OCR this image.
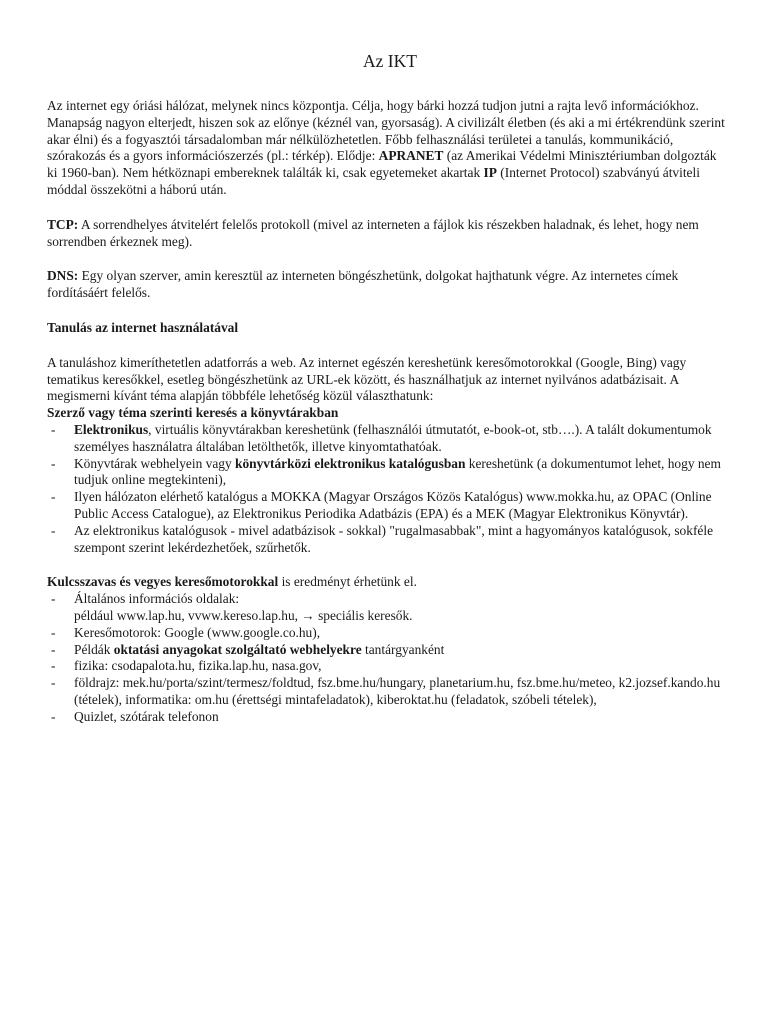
Az IKT

Az internet egy óriási hálózat, melynek nincs központja. Célja, hogy bárki hozzá tudjon jutni a rajta levő információkhoz. Manapság nagyon elterjedt, hiszen sok az előnye (kéznél van, gyorsaság). A civilizált életben (és aki a mi értékrendünk szerint akar élni) és a fogyasztói társadalomban már nélkülözhetetlen. Főbb felhasználási területei a tanulás, kommunikáció, szórakozás és a gyors információszerzés (pl.: térkép). Elődje: APRANET (az Amerikai Védelmi Minisztériumban dolgozták ki 1960-ban). Nem hétköznapi embereknek találták ki, csak egyetemeket akartak IP (Internet Protocol) szabványú átviteli móddal összekötni a háború után.

TCP: A sorrendhelyes átvitelért felelős protokoll (mivel az interneten a fájlok kis részekben haladnak, és lehet, hogy nem sorrendben érkeznek meg).

DNS: Egy olyan szerver, amin keresztül az interneten böngészhetünk, dolgokat hajthatunk végre. Az internetes címek fordításáért felelős.

Tanulás az internet használatával

A tanuláshoz kimeríthetetlen adatforrás a web. Az internet egészén kereshetünk keresőmotorokkal (Google, Bing) vagy tematikus keresőkkel, esetleg böngészhetünk az URL-ek között, és használhatjuk az internet nyilvános adatbázisait. A megismerni kívánt téma alapján többféle lehetőség közül választhatunk:

Szerző vagy téma szerinti keresés a könyvtárakban

- Elektronikus, virtuális könyvtárakban kereshetünk (felhasználói útmutatót, e-book-ot, stb….). A talált dokumentumok személyes használatra általában letölthetők, illetve kinyomtathatóak.
- Könyvtárak webhelyein vagy könyvtárközi elektronikus katalógusban kereshetünk (a dokumentumot lehet, hogy nem tudjuk online megtekinteni),
- Ilyen hálózaton elérhető katalógus a MOKKA (Magyar Országos Közös Katalógus) www.mokka.hu, az OPAC (Online Public Access Catalogue), az Elektronikus Periodika Adatbázis (EPA) és a MEK (Magyar Elektronikus Könyvtár).
- Az elektronikus katalógusok - mivel adatbázisok - sokkal) "rugalmasabbak", mint a hagyományos katalógusok, sokféle szempont szerint lekérdezhetőek, szűrhetők.

Kulcsszavas és vegyes keresőmotorokkal is eredményt érhetünk el.

- Általános információs oldalak:
például www.lap.hu, vvww.kereso.lap.hu, → speciális keresők.
- Keresőmotorok: Google (www.google.co.hu),
- Példák oktatási anyagokat szolgáltató webhelyekre tantárgyanként
- fizika: csodapalota.hu, fizika.lap.hu, nasa.gov,
- földrajz: mek.hu/porta/szint/termesz/foldtud, fsz.bme.hu/hungary, planetarium.hu, fsz.bme.hu/meteo, k2.jozsef.kando.hu (tételek), informatika: om.hu (érettségi mintafeladatok), kiberoktat.hu (feladatok, szóbeli tételek),
- Quizlet, szótárak telefonon
